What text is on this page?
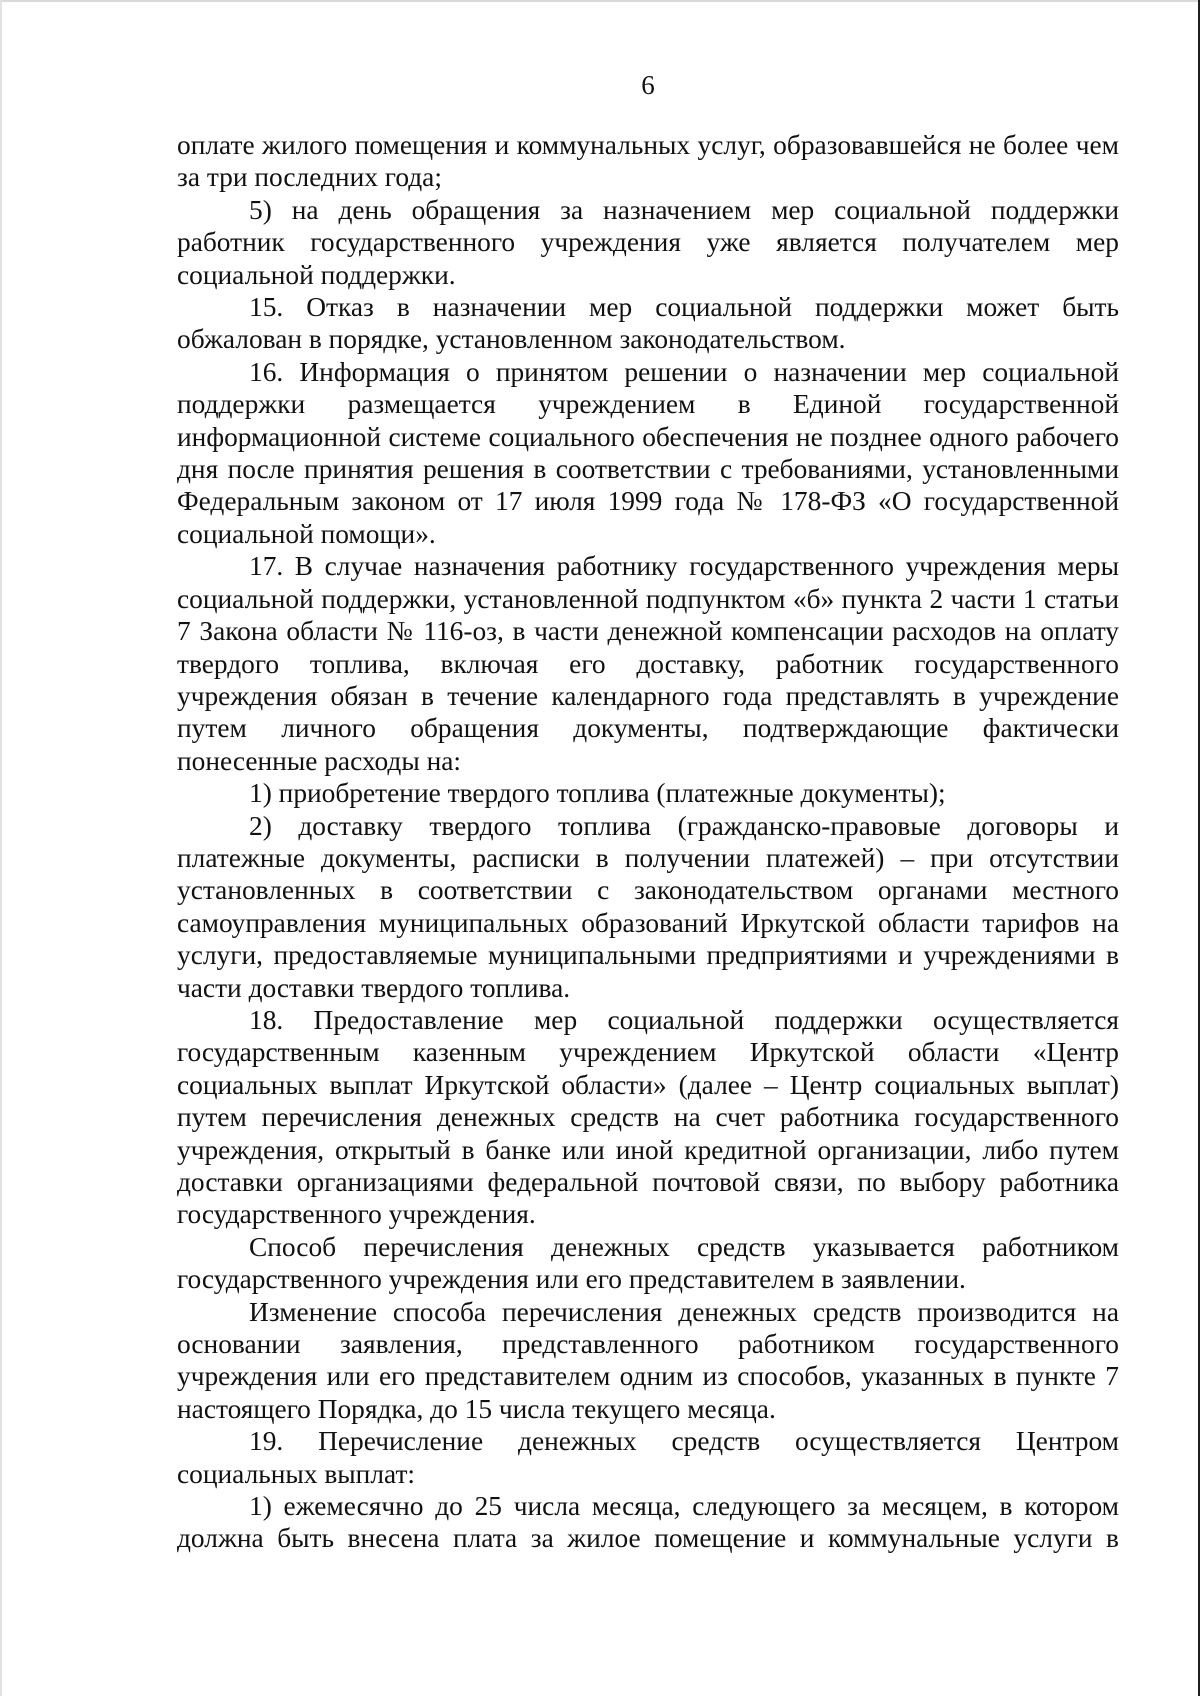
6

оплате жилого помещения и коммунальных услуг, образовавшейся не более чем за три последних года;

5) на день обращения за назначением мер социальной поддержки работник государственного учреждения уже является получателем мер социальной поддержки.

15. Отказ в назначении мер социальной поддержки может быть обжалован в порядке, установленном законодательством.

16. Информация о принятом решении о назначении мер социальной поддержки размещается учреждением в Единой государственной информационной системе социального обеспечения не позднее одного рабочего дня после принятия решения в соответствии с требованиями, установленными Федеральным законом от 17 июля 1999 года № 178-ФЗ «О государственной социальной помощи».

17. В случае назначения работнику государственного учреждения меры социальной поддержки, установленной подпунктом «б» пункта 2 части 1 статьи 7 Закона области № 116-оз, в части денежной компенсации расходов на оплату твердого топлива, включая его доставку, работник государственного учреждения обязан в течение календарного года представлять в учреждение путем личного обращения документы, подтверждающие фактически понесенные расходы на:

1) приобретение твердого топлива (платежные документы);

2) доставку твердого топлива (гражданско-правовые договоры и платежные документы, расписки в получении платежей) – при отсутствии установленных в соответствии с законодательством органами местного самоуправления муниципальных образований Иркутской области тарифов на услуги, предоставляемые муниципальными предприятиями и учреждениями в части доставки твердого топлива.

18. Предоставление мер социальной поддержки осуществляется государственным казенным учреждением Иркутской области «Центр социальных выплат Иркутской области» (далее – Центр социальных выплат) путем перечисления денежных средств на счет работника государственного учреждения, открытый в банке или иной кредитной организации, либо путем доставки организациями федеральной почтовой связи, по выбору работника государственного учреждения.

Способ перечисления денежных средств указывается работником государственного учреждения или его представителем в заявлении.

Изменение способа перечисления денежных средств производится на основании заявления, представленного работником государственного учреждения или его представителем одним из способов, указанных в пункте 7 настоящего Порядка, до 15 числа текущего месяца.

19. Перечисление денежных средств осуществляется Центром социальных выплат:

1) ежемесячно до 25 числа месяца, следующего за месяцем, в котором должна быть внесена плата за жилое помещение и коммунальные услуги в
